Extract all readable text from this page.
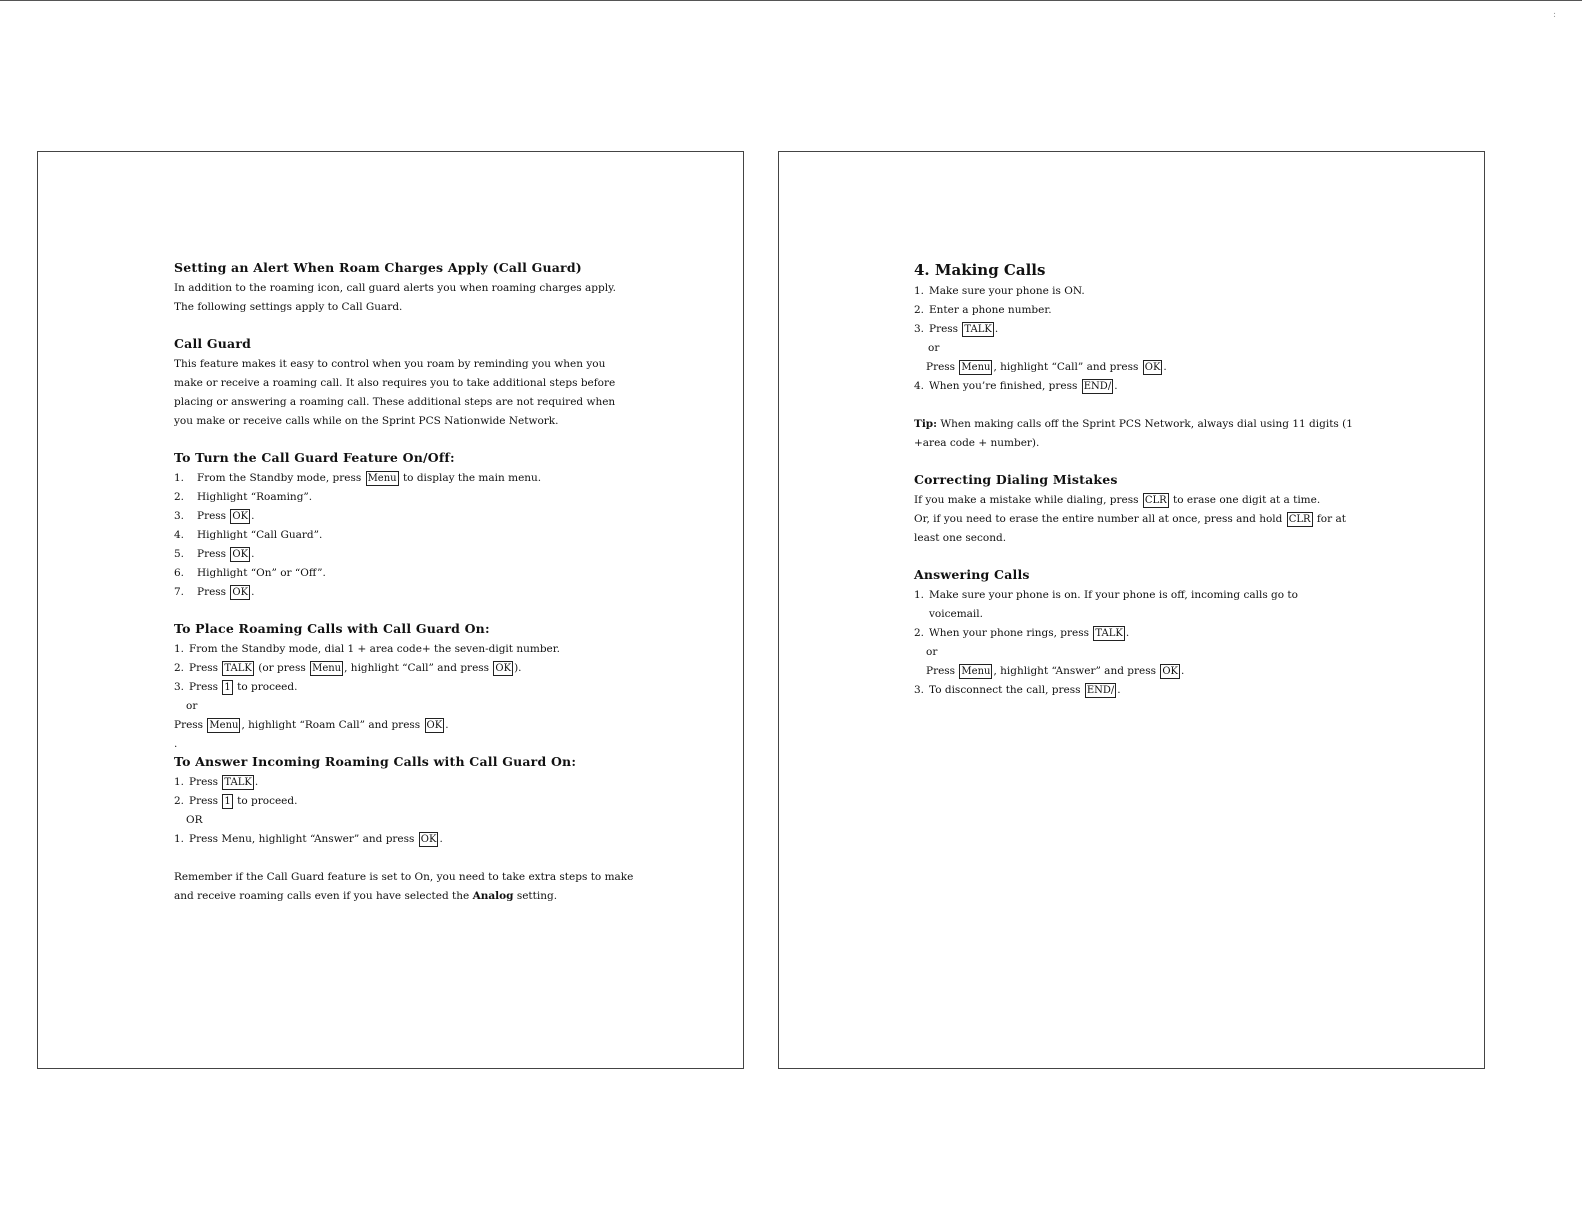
:
Setting an Alert When Roam Charges Apply (Call Guard)

In addition to the roaming icon, call guard alerts you when roaming charges apply. The following settings apply to Call Guard.

Call Guard

This feature makes it easy to control when you roam by reminding you when you make or receive a roaming call. It also requires you to take additional steps before placing or answering a roaming call. These additional steps are not required when you make or receive calls while on the Sprint PCS Nationwide Network.

To Turn the Call Guard Feature On/Off:
1.	From the Standby mode, press Menu to display the main menu.
2.	Highlight “Roaming”.
3.	Press OK .
4.	Highlight “Call Guard”.
5.	Press OK .
6.	Highlight “On” or “Off”.
7.	Press OK .
To Place Roaming Calls with Call Guard On:
1. From the Standby mode, dial 1 + area code+ the seven-digit number.
2. Press TALK (or press Menu , highlight “Call” and press OK ).
3. Press 1 to proceed.
or
Press Menu , highlight “Roam Call” and press OK .
.
To Answer Incoming Roaming Calls with Call Guard On:
1. Press TALK .
2. Press 1 to proceed.
OR
1. Press Menu, highlight “Answer” and press OK .

Remember if the Call Guard feature is set to On, you need to take extra steps to make and receive roaming calls even if you have selected the Analog setting.

4. Making Calls
1. Make sure your phone is ON.
2. Enter a phone number.
3. Press TALK .
or
Press Menu , highlight “Call” and press OK .
4. When you’re finished, press END/ .

Tip: When making calls off the Sprint PCS Network, always dial using 11 digits (1 +area code + number).

Correcting Dialing Mistakes

If you make a mistake while dialing, press CLR to erase one digit at a time.

Or, if you need to erase the entire number all at once, press and hold CLR for at least one second.

Answering Calls
1. Make sure your phone is on. If your phone is off, incoming calls go to voicemail.
2. When your phone rings, press TALK .
or
Press Menu , highlight “Answer” and press OK .
3. To disconnect the call, press END/ .
